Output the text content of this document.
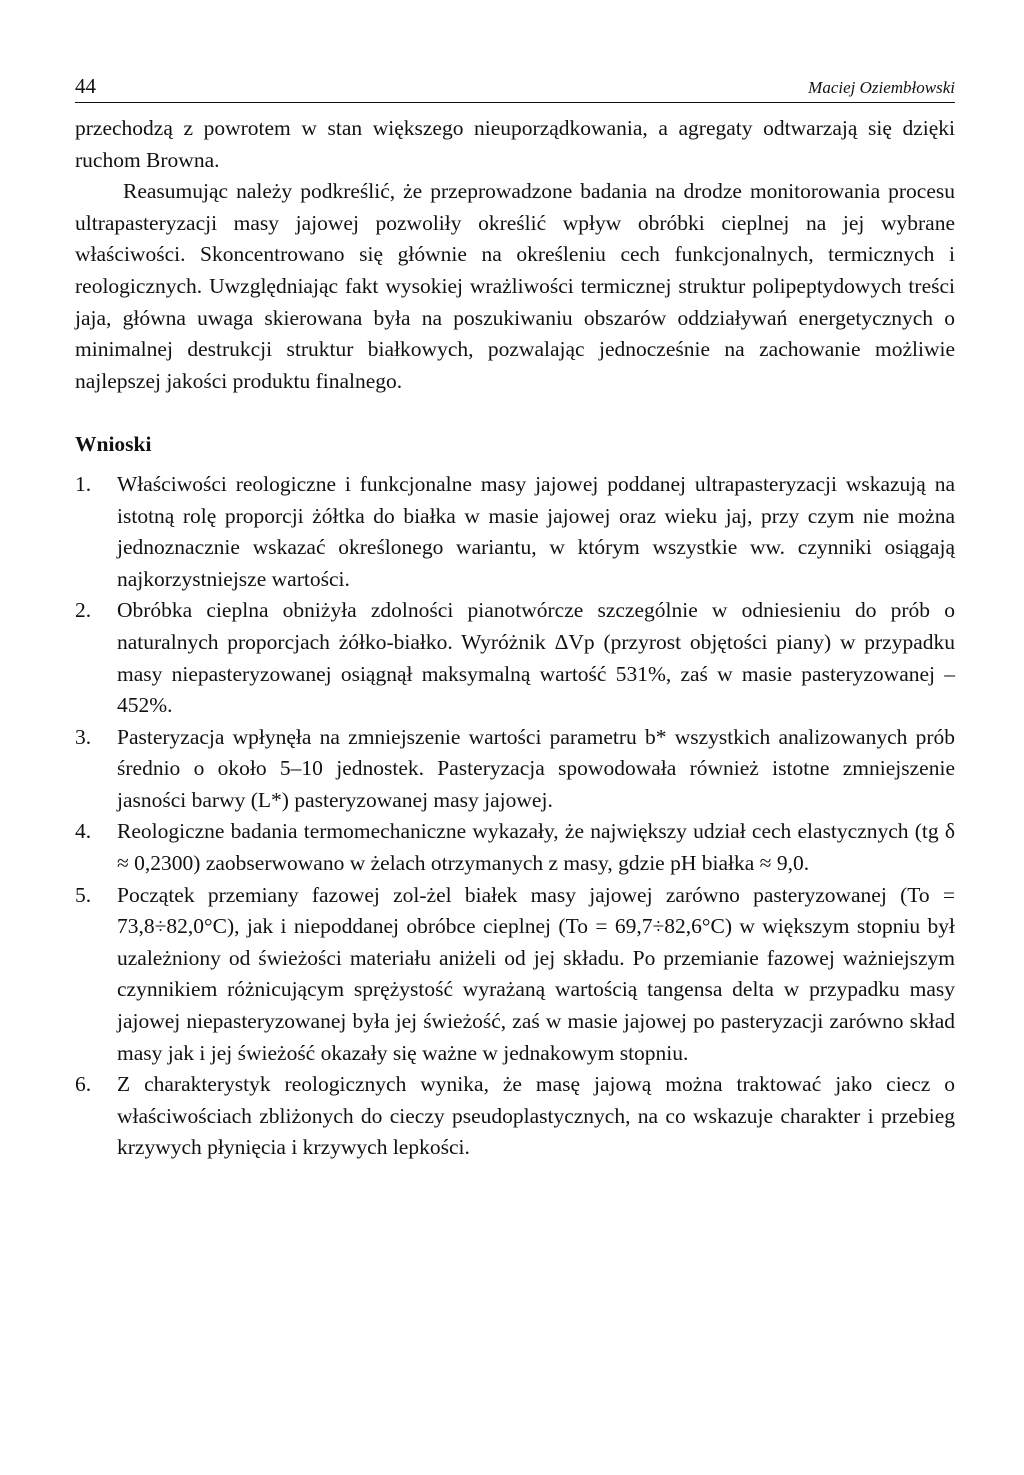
44	Maciej Oziembłowski

przechodzą z powrotem w stan większego nieuporządkowania, a agregaty odtwarzają się dzięki ruchom Browna.

Reasumując należy podkreślić, że przeprowadzone badania na drodze monitorowania procesu ultrapasteryzacji masy jajowej pozwoliły określić wpływ obróbki cieplnej na jej wybrane właściwości. Skoncentrowano się głównie na określeniu cech funkcjonalnych, termicznych i reologicznych. Uwzględniając fakt wysokiej wrażliwości termicznej struktur polipeptydowych treści jaja, główna uwaga skierowana była na poszukiwaniu obszarów oddziaływań energetycznych o minimalnej destrukcji struktur białkowych, pozwalając jednocześnie na zachowanie możliwie najlepszej jakości produktu finalnego.

Wnioski
1. Właściwości reologiczne i funkcjonalne masy jajowej poddanej ultrapasteryzacji wskazują na istotną rolę proporcji żółtka do białka w masie jajowej oraz wieku jaj, przy czym nie można jednoznacznie wskazać określonego wariantu, w którym wszystkie ww. czynniki osiągają najkorzystniejsze wartości.
2. Obróbka cieplna obniżyła zdolności pianotwórcze szczególnie w odniesieniu do prób o naturalnych proporcjach żółko-białko. Wyróżnik ΔVp (przyrost objętości piany) w przypadku masy niepasteryzowanej osiągnął maksymalną wartość 531%, zaś w masie pasteryzowanej – 452%.
3. Pasteryzacja wpłynęła na zmniejszenie wartości parametru b* wszystkich analizowanych prób średnio o około 5–10 jednostek. Pasteryzacja spowodowała również istotne zmniejszenie jasności barwy (L*) pasteryzowanej masy jajowej.
4. Reologiczne badania termomechaniczne wykazały, że największy udział cech elastycznych (tg δ ≈ 0,2300) zaobserwowano w żelach otrzymanych z masy, gdzie pH białka ≈ 9,0.
5. Początek przemiany fazowej zol-żel białek masy jajowej zarówno pasteryzowanej (To = 73,8÷82,0°C), jak i niepoddanej obróbce cieplnej (To = 69,7÷82,6°C) w większym stopniu był uzależniony od świeżości materiału aniżeli od jej składu. Po przemianie fazowej ważniejszym czynnikiem różnicującym sprężystość wyrażaną wartością tangensa delta w przypadku masy jajowej niepasteryzowanej była jej świeżość, zaś w masie jajowej po pasteryzacji zarówno skład masy jak i jej świeżość okazały się ważne w jednakowym stopniu.
6. Z charakterystyk reologicznych wynika, że masę jajową można traktować jako ciecz o właściwościach zbliżonych do cieczy pseudoplastycznych, na co wskazuje charakter i przebieg krzywych płynięcia i krzywych lepkości.
